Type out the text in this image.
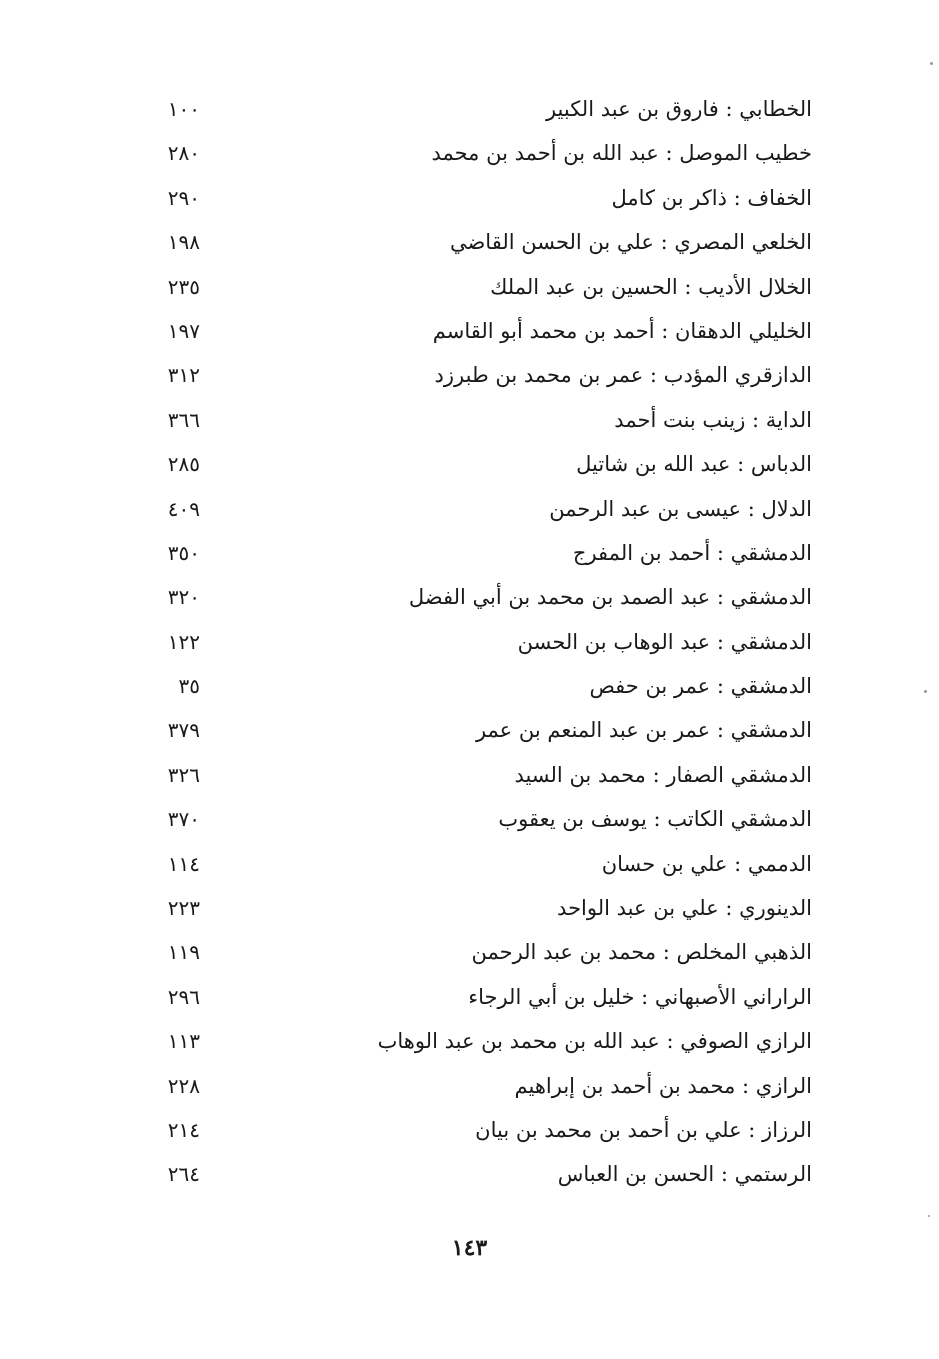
الخطابي : فاروق بن عبد الكبير
١٠٠
خطيب الموصل : عبد الله بن أحمد بن محمد
٢٨٠
الخفاف : ذاكر بن كامل
٢٩٠
الخلعي المصري : علي بن الحسن القاضي
١٩٨
الخلال الأديب : الحسين بن عبد الملك
٢٣٥
الخليلي الدهقان : أحمد بن محمد أبو القاسم
١٩٧
الدازقري المؤدب : عمر بن محمد بن طبرزد
٣١٢
الداية : زينب بنت أحمد
٣٦٦
الدباس : عبد الله بن شاتيل
٢٨٥
الدلال : عيسى بن عبد الرحمن
٤٠٩
الدمشقي : أحمد بن المفرج
٣٥٠
الدمشقي : عبد الصمد بن محمد بن أبي الفضل
٣٢٠
الدمشقي : عبد الوهاب بن الحسن
١٢٢
الدمشقي : عمر بن حفص
٣٥
الدمشقي : عمر بن عبد المنعم بن عمر
٣٧٩
الدمشقي الصفار : محمد بن السيد
٣٢٦
الدمشقي الكاتب : يوسف بن يعقوب
٣٧٠
الدممي : علي بن حسان
١١٤
الدينوري : علي بن عبد الواحد
٢٢٣
الذهبي المخلص : محمد بن عبد الرحمن
١١٩
الراراني الأصبهاني : خليل بن أبي الرجاء
٢٩٦
الرازي الصوفي : عبد الله بن محمد بن عبد الوهاب
١١٣
الرازي : محمد بن أحمد بن إبراهيم
٢٢٨
الرزاز : علي بن أحمد بن محمد بن بيان
٢١٤
الرستمي : الحسن بن العباس
٢٦٤
١٤٣
